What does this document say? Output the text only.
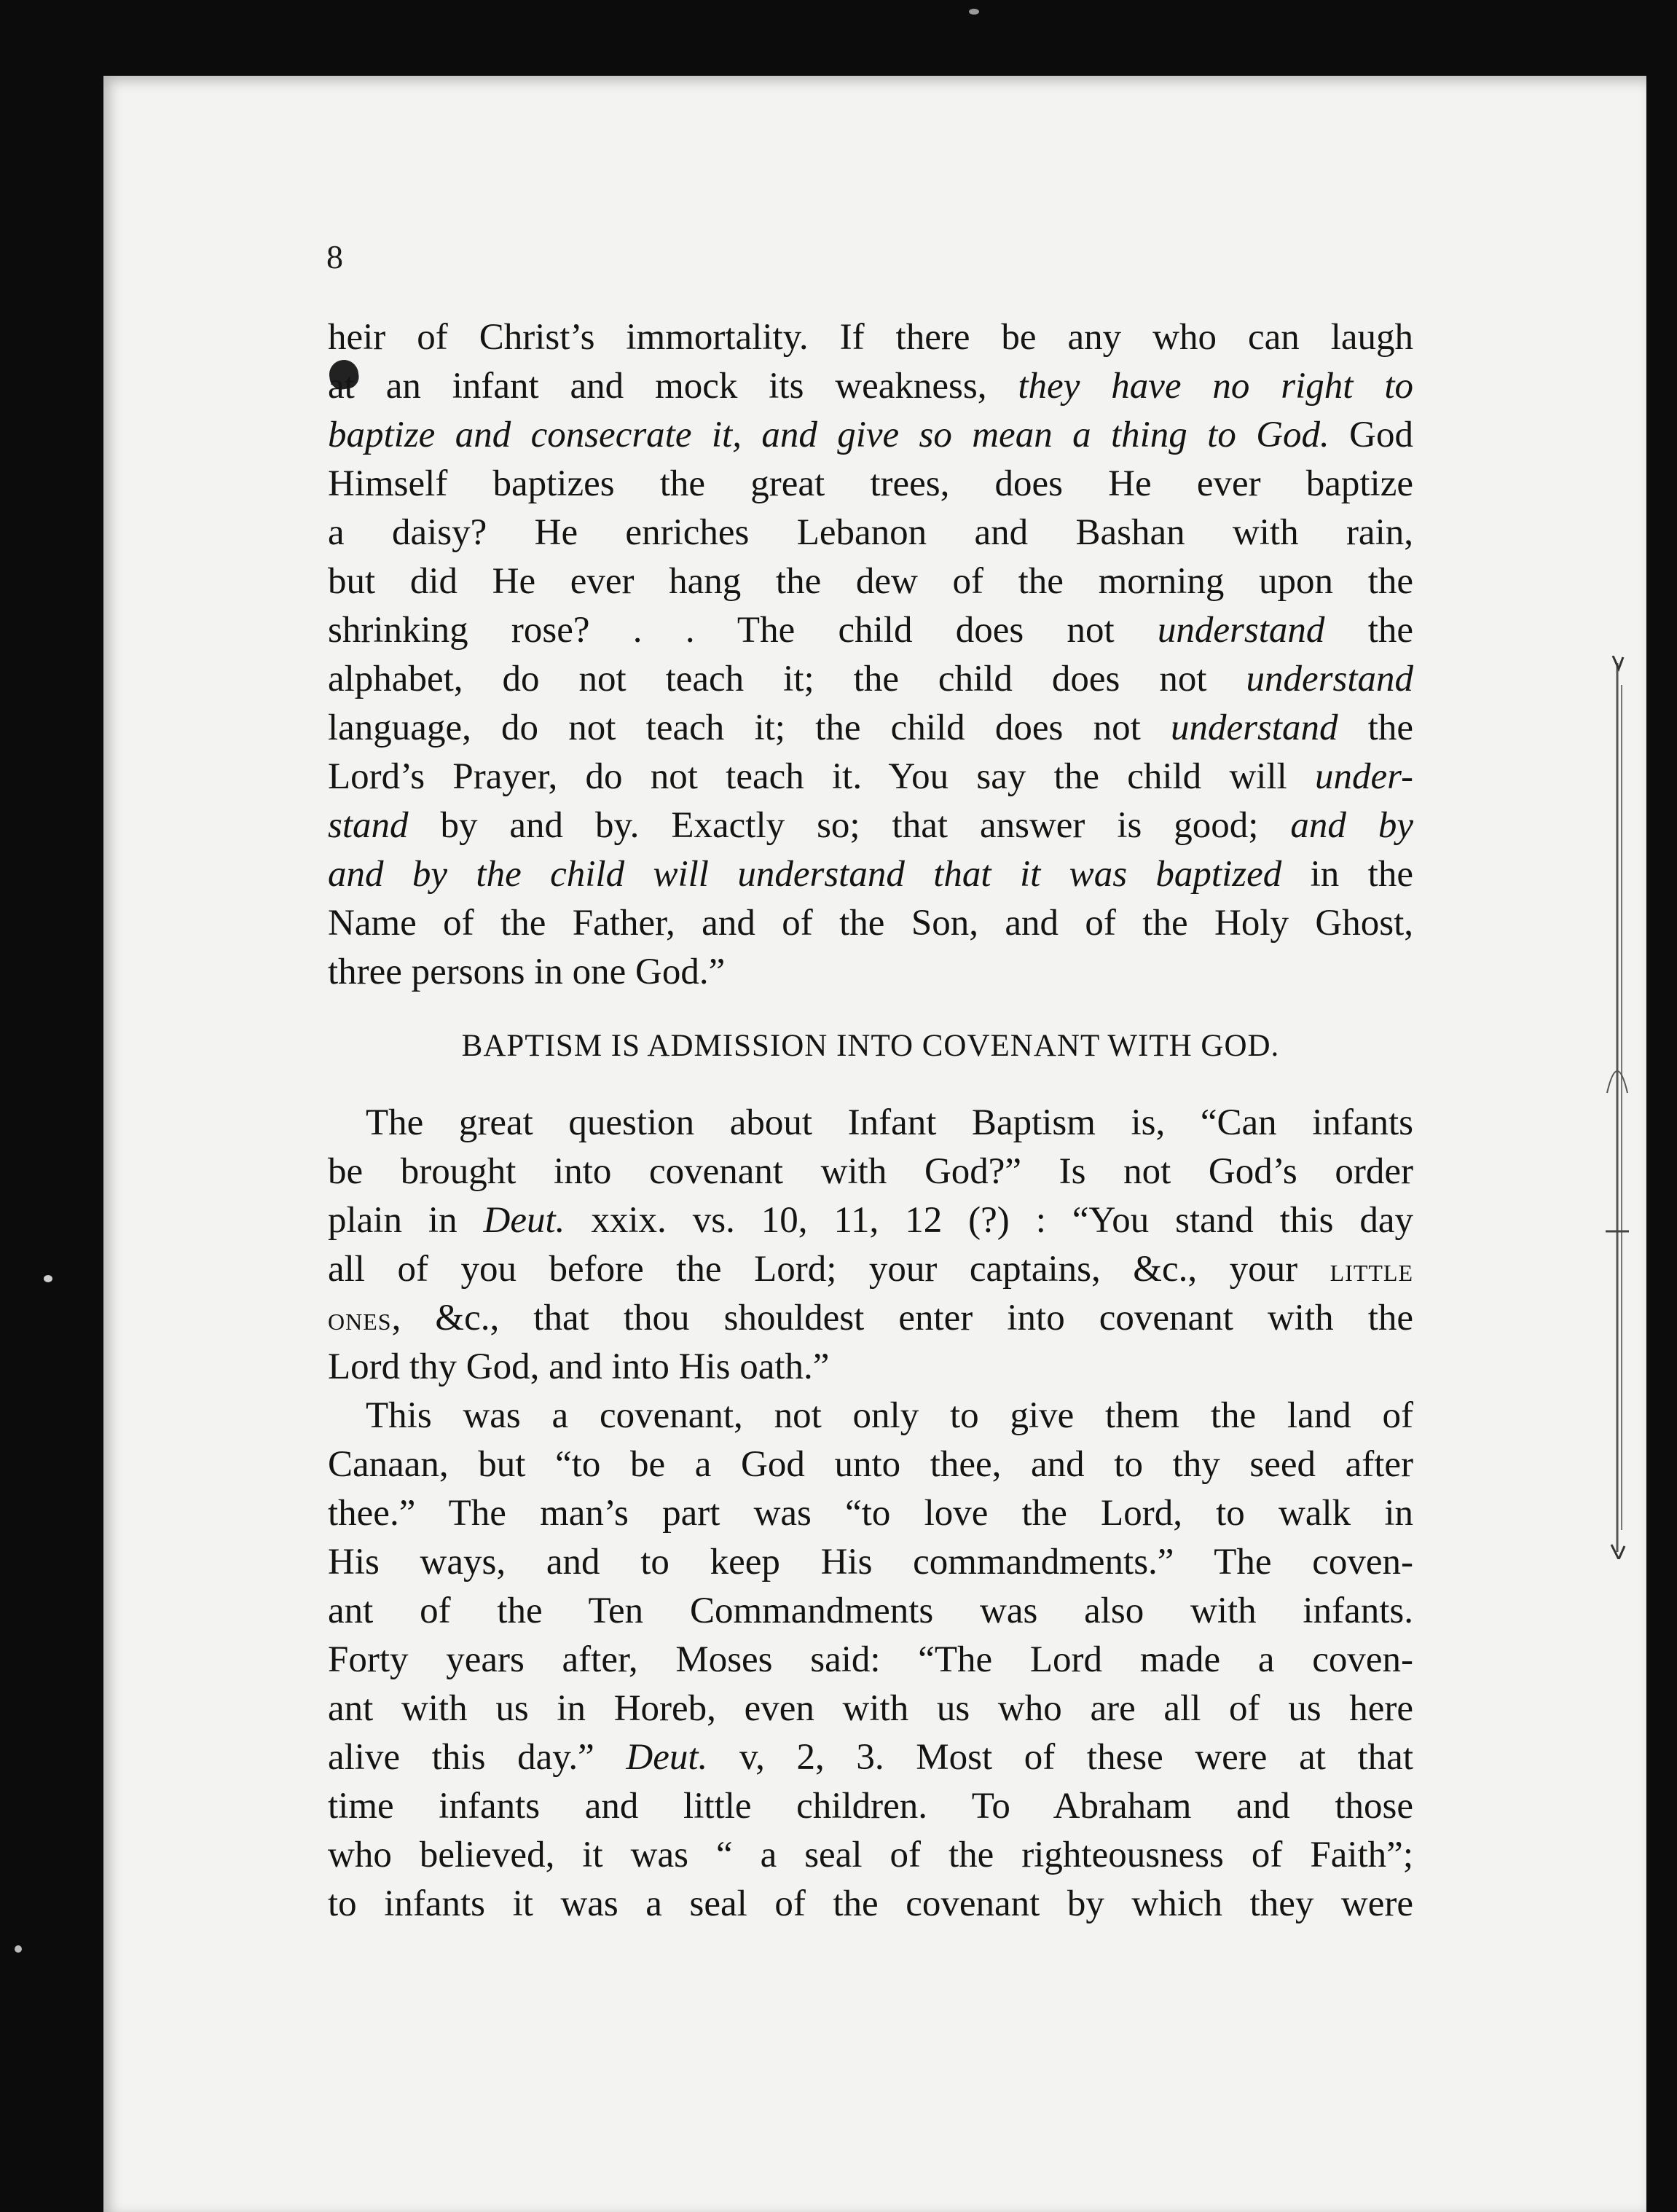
8
heir of Christ’s immortality. If there be any who can laugh
at an infant and mock its weakness, they have no right to
baptize and consecrate it, and give so mean a thing to God. God
Himself baptizes the great trees, does He ever baptize
a daisy? He enriches Lebanon and Bashan with rain,
but did He ever hang the dew of the morning upon the
shrinking rose? . . The child does not understand the
alphabet, do not teach it; the child does not understand
language, do not teach it; the child does not understand the
Lord’s Prayer, do not teach it. You say the child will under-
stand by and by. Exactly so; that answer is good; and by
and by the child will understand that it was baptized in the
Name of the Father, and of the Son, and of the Holy Ghost,
three persons in one God.”
BAPTISM IS ADMISSION INTO COVENANT WITH GOD.
The great question about Infant Baptism is, “Can infants
be brought into covenant with God?” Is not God’s order
plain in Deut. xxix. vs. 10, 11, 12 (?) : “You stand this day
all of you before the Lord; your captains, &c., your little
ones, &c., that thou shouldest enter into covenant with the
Lord thy God, and into His oath.”
This was a covenant, not only to give them the land of
Canaan, but “to be a God unto thee, and to thy seed after
thee.” The man’s part was “to love the Lord, to walk in
His ways, and to keep His commandments.” The coven-
ant of the Ten Commandments was also with infants.
Forty years after, Moses said: “The Lord made a coven-
ant with us in Horeb, even with us who are all of us here
alive this day.” Deut. v, 2, 3. Most of these were at that
time infants and little children. To Abraham and those
who believed, it was “ a seal of the righteousness of Faith”;
to infants it was a seal of the covenant by which they were
